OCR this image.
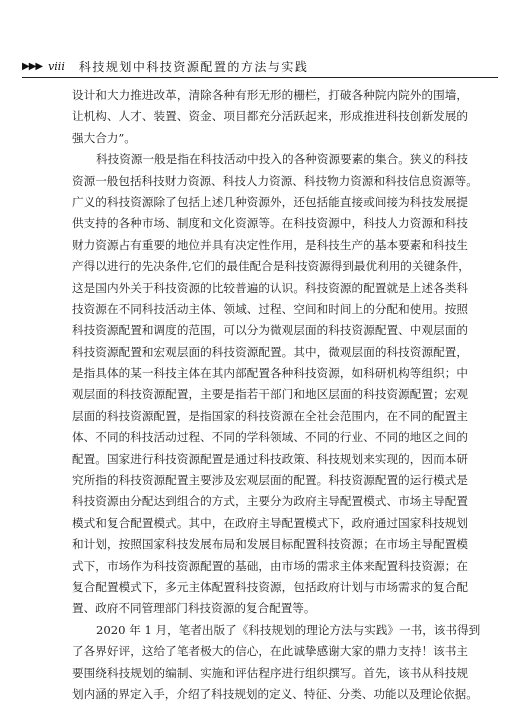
▶▶▶ viii 科技规划中科技资源配置的方法与实践
设计和大力推进改革，清除各种有形无形的栅栏，打破各种院内院外的围墙，
让机构、人才、装置、资金、项目都充分活跃起来，形成推进科技创新发展的
强大合力”。
科技资源一般是指在科技活动中投入的各种资源要素的集合。狭义的科技
资源一般包括科技财力资源、科技人力资源、科技物力资源和科技信息资源等。
广义的科技资源除了包括上述几种资源外，还包括能直接或间接为科技发展提
供支持的各种市场、制度和文化资源等。在科技资源中，科技人力资源和科技
财力资源占有重要的地位并具有决定性作用，是科技生产的基本要素和科技生
产得以进行的先决条件,它们的最佳配合是科技资源得到最优利用的关键条件，
这是国内外关于科技资源的比较普遍的认识。科技资源的配置就是上述各类科
技资源在不同科技活动主体、领域、过程、空间和时间上的分配和使用。按照
科技资源配置和调度的范围，可以分为微观层面的科技资源配置、中观层面的
科技资源配置和宏观层面的科技资源配置。其中，微观层面的科技资源配置，
是指具体的某一科技主体在其内部配置各种科技资源，如科研机构等组织；中
观层面的科技资源配置，主要是指若干部门和地区层面的科技资源配置；宏观
层面的科技资源配置，是指国家的科技资源在全社会范围内，在不同的配置主
体、不同的科技活动过程、不同的学科领域、不同的行业、不同的地区之间的
配置。国家进行科技资源配置是通过科技政策、科技规划来实现的，因而本研
究所指的科技资源配置主要涉及宏观层面的配置。科技资源配置的运行模式是
科技资源由分配达到组合的方式，主要分为政府主导配置模式、市场主导配置
模式和复合配置模式。其中，在政府主导配置模式下，政府通过国家科技规划
和计划，按照国家科技发展布局和发展目标配置科技资源；在市场主导配置模
式下，市场作为科技资源配置的基础，由市场的需求主体来配置科技资源；在
复合配置模式下，多元主体配置科技资源，包括政府计划与市场需求的复合配
置、政府不同管理部门科技资源的复合配置等。
2020 年 1 月，笔者出版了《科技规划的理论方法与实践》一书，该书得到
了各界好评，这给了笔者极大的信心，在此诚挚感谢大家的鼎力支持！该书主
要围绕科技规划的编制、实施和评估程序进行组织撰写。首先，该书从科技规
划内涵的界定入手，介绍了科技规划的定义、特征、分类、功能以及理论依据。
